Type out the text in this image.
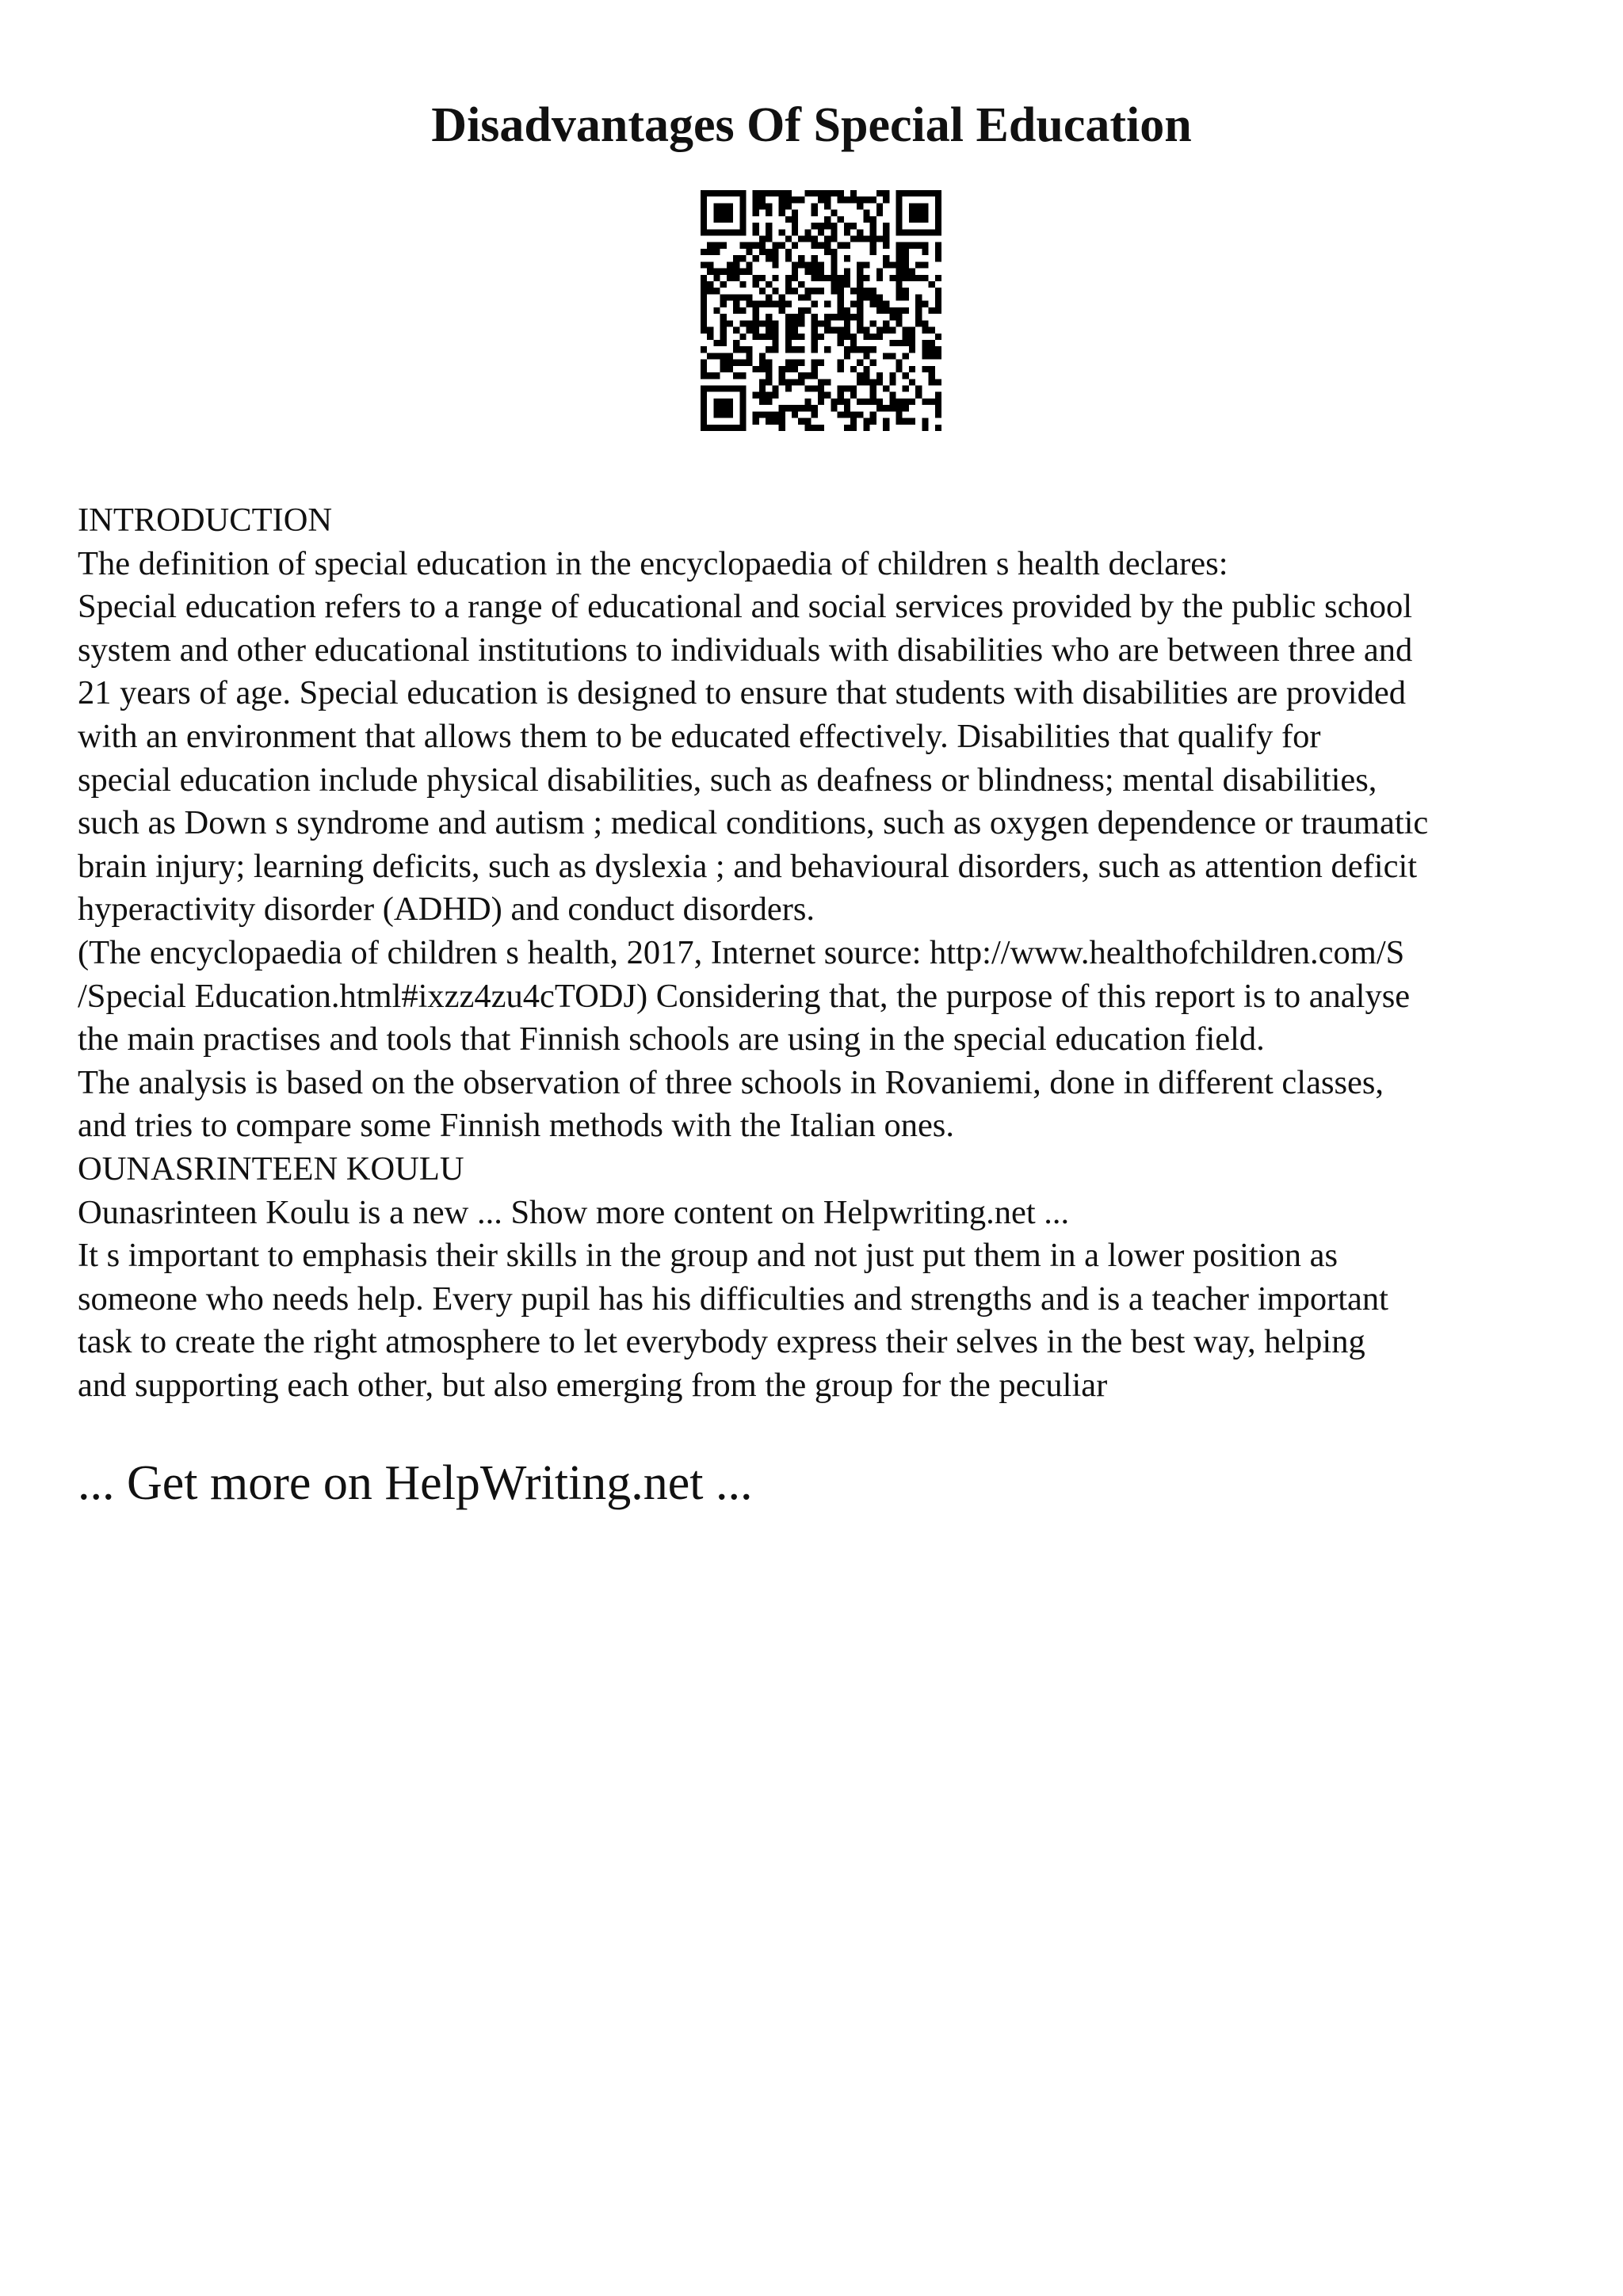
Disadvantages Of Special Education
INTRODUCTION
The definition of special education in the encyclopaedia of children s health declares:
Special education refers to a range of educational and social services provided by the public school
system and other educational institutions to individuals with disabilities who are between three and
21 years of age. Special education is designed to ensure that students with disabilities are provided
with an environment that allows them to be educated effectively. Disabilities that qualify for
special education include physical disabilities, such as deafness or blindness; mental disabilities,
such as Down s syndrome and autism ; medical conditions, such as oxygen dependence or traumatic
brain injury; learning deficits, such as dyslexia ; and behavioural disorders, such as attention deficit
hyperactivity disorder (ADHD) and conduct disorders.
(The encyclopaedia of children s health, 2017, Internet source: http://www.healthofchildren.com/S
/Special Education.html#ixzz4zu4cTODJ) Considering that, the purpose of this report is to analyse
the main practises and tools that Finnish schools are using in the special education field.
The analysis is based on the observation of three schools in Rovaniemi, done in different classes,
and tries to compare some Finnish methods with the Italian ones.
OUNASRINTEEN KOULU
Ounasrinteen Koulu is a new ... Show more content on Helpwriting.net ...
It s important to emphasis their skills in the group and not just put them in a lower position as
someone who needs help. Every pupil has his difficulties and strengths and is a teacher important
task to create the right atmosphere to let everybody express their selves in the best way, helping
and supporting each other, but also emerging from the group for the peculiar
... Get more on HelpWriting.net ...
